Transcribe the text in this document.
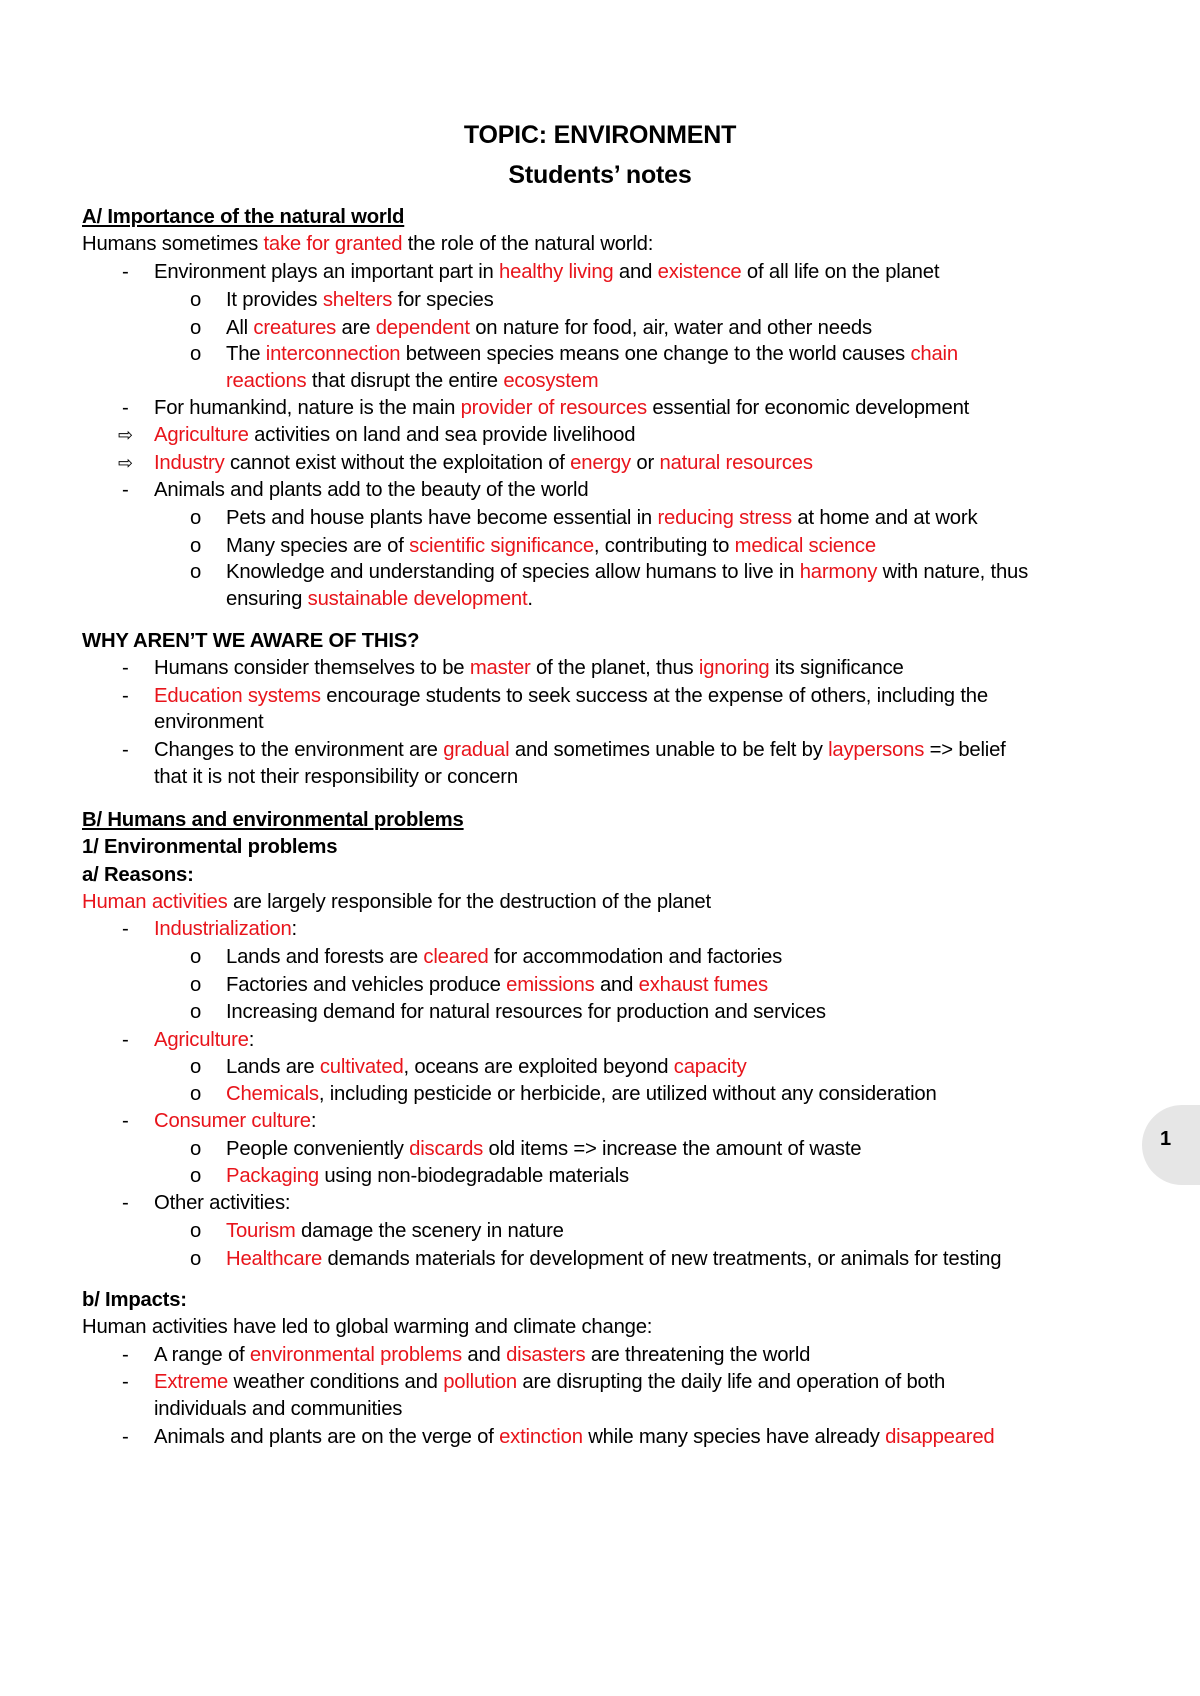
TOPIC: ENVIRONMENT
Students’ notes
A/ Importance of the natural world
Humans sometimes take for granted the role of the natural world:
- Environment plays an important part in healthy living and existence of all life on the planet
o It provides shelters for species
o All creatures are dependent on nature for food, air, water and other needs
o The interconnection between species means one change to the world causes chain
reactions that disrupt the entire ecosystem
- For humankind, nature is the main provider of resources essential for economic development
⇨ Agriculture activities on land and sea provide livelihood
⇨ Industry cannot exist without the exploitation of energy or natural resources
- Animals and plants add to the beauty of the world
o Pets and house plants have become essential in reducing stress at home and at work
o Many species are of scientific significance, contributing to medical science
o Knowledge and understanding of species allow humans to live in harmony with nature, thus
ensuring sustainable development.
WHY AREN’T WE AWARE OF THIS?
- Humans consider themselves to be master of the planet, thus ignoring its significance
- Education systems encourage students to seek success at the expense of others, including the
environment
- Changes to the environment are gradual and sometimes unable to be felt by laypersons => belief
that it is not their responsibility or concern
B/ Humans and environmental problems
1/ Environmental problems
a/ Reasons:
Human activities are largely responsible for the destruction of the planet
- Industrialization:
o Lands and forests are cleared for accommodation and factories
o Factories and vehicles produce emissions and exhaust fumes
o Increasing demand for natural resources for production and services
- Agriculture:
o Lands are cultivated, oceans are exploited beyond capacity
o Chemicals, including pesticide or herbicide, are utilized without any consideration
- Consumer culture:
o People conveniently discards old items => increase the amount of waste
o Packaging using non-biodegradable materials
- Other activities:
o Tourism damage the scenery in nature
o Healthcare demands materials for development of new treatments, or animals for testing
b/ Impacts:
Human activities have led to global warming and climate change:
- A range of environmental problems and disasters are threatening the world
- Extreme weather conditions and pollution are disrupting the daily life and operation of both
individuals and communities
- Animals and plants are on the verge of extinction while many species have already disappeared
1
